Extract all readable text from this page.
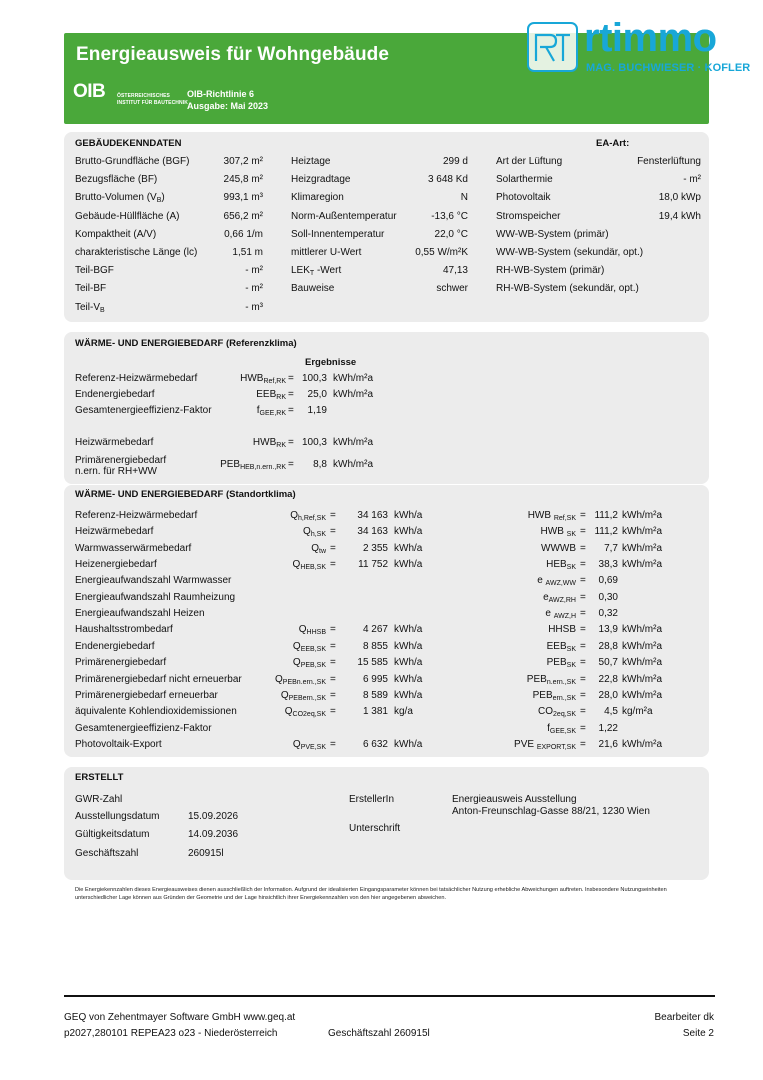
Energieausweis für Wohngebäude
OIB ÖSTERREICHISCHES
INSTITUT FÜR BAUTECHNIK
OIB-Richtlinie 6
Ausgabe: Mai 2023
rtimmo
MAG. BUCHWIESER · KOFLER
GEBÄUDEKENNDATEN	EA-Art:
Brutto-Grundfläche (BGF)	307,2 m²
Bezugsfläche (BF)	245,8 m²
Brutto-Volumen $(V_B)$	993,1 m³
Gebäude-Hüllfläche (A)	656,2 m²
Kompaktheit (A/V)	0,66 1/m
charakteristische Länge (lc)	1,51 m
Teil-BGF	- m²
Teil-BF	- m²
Teil-$V_B$	- m³
Heiztage	299 d
Heizgradtage	3 648 Kd
Klimaregion	N
Norm-Außentemperatur	-13,6 °C
Soll-Innentemperatur	22,0 °C
mittlerer U-Wert	0,55 W/m²K
$LEK_T$ -Wert	47,13
Bauweise	schwer
Art der Lüftung	Fensterlüftung
Solarthermie	- m²
Photovoltaik	18,0 kWp
Stromspeicher	19,4 kWh
WW-WB-System (primär)
WW-WB-System (sekundär, opt.)
RH-WB-System (primär)
RH-WB-System (sekundär, opt.)
WÄRME- UND ENERGIEBEDARF (Referenzklima)
Ergebnisse
Referenz-Heizwärmebedarf	$HWB_{Ref,RK} = 100,3$ kWh/m²a
Endenergiebedarf	$EEB_{RK}$ =	25,0 kWh/m²a
Gesamtenergieeffizienz-Faktor	$f_{GEE,RK}$ =	1,19
Heizwärmebedarf	$HWB_{RK} = 100,3$ kWh/m²a
Primärenergiebedarf
n.ern. für RH+WW
$PEB_{HEB,n.ern.,RK}$ =	8,8 kWh/m²a
WÄRME- UND ENERGIEBEDARF (Standortklima)
Referenz-Heizwärmebedarf	$Q_{h,Ref,SK}$ =	34 163 kWh/a	HWB $_{Ref,SK}$ = 111,2 kWh/m²a
Heizwärmebedarf	$Q_{h,SK}$ =	34 163 kWh/a	HWB $_{SK}$ = 111,2 kWh/m²a
Warmwasserwärmebedarf	$Q_{tw}$ =	2 355 kWh/a	WWWB =	7,7 kWh/m²a
Heizenergiebedarf	$Q_{HEB,SK}$ =	11 752 kWh/a	$HEB_{SK}$ =	38,3 kWh/m²a
Energieaufwandszahl Warmwasser	e $_{AWZ,WW}$ =	0,69
Energieaufwandszahl Raumheizung	$e_{AWZ,RH}$ =	0,30
Energieaufwandszahl Heizen	e $_{AWZ,H}$ =	0,32
Haushaltsstrombedarf	$Q_{HHSB}$ =	4 267 kWh/a	HHSB =	13,9 kWh/m²a
Endenergiebedarf	$Q_{EEB,SK}$ =	8 855 kWh/a	$EEB_{SK}$ =	28,8 kWh/m²a
Primärenergiebedarf	$Q_{PEB,SK}$ =	15 585 kWh/a	$PEB_{SK}$ =	50,7 kWh/m²a
Primärenergiebedarf nicht erneuerbar	$Q_{PEBn.ern.,SK}$ =	6 995 kWh/a	$PEB_{n.ern.,SK}$ =	22,8 kWh/m²a
Primärenergiebedarf erneuerbar	$Q_{PEBern.,SK}$ =	8 589 kWh/a	$PEB_{ern.,SK}$ =	28,0 kWh/m²a
äquivalente Kohlendioxidemissionen	$Q_{CO2eq,SK}$ =	1 381 kg/a	$CO_{2eq,SK}$ =	4,5 kg/m²a
Gesamtenergieeffizienz-Faktor	$f_{GEE,SK}$ =	1,22
Photovoltaik-Export	$Q_{PVE,SK}$ =	6 632 kWh/a	PVE $_{EXPORT,SK}$ =	21,6 kWh/m²a
ERSTELLT
GWR-Zahl
Ausstellungsdatum	15.09.2026
Gültigkeitsdatum	14.09.2036
Geschäftszahl	260915l
ErstellerIn	Energieausweis Ausstellung
Anton-Freunschlag-Gasse 88/21, 1230 Wien
Unterschrift
Die Energiekennzahlen dieses Energieausweises dienen ausschließlich der Information. Aufgrund der idealisierten Eingangsparameter können bei tatsächlicher Nutzung erhebliche Abweichungen auftreten. Insbesondere Nutzungseinheiten unterschiedlicher Lage können aus Gründen der Geometrie und der Lage hinsichtlich ihrer Energiekennzahlen von den hier angegebenen abweichen.
GEQ von Zehentmayer Software GmbH www.geq.at
p2027,280101 REPEA23 o23 - Niederösterreich	Geschäftszahl 260915l
Bearbeiter dk
Seite 2
